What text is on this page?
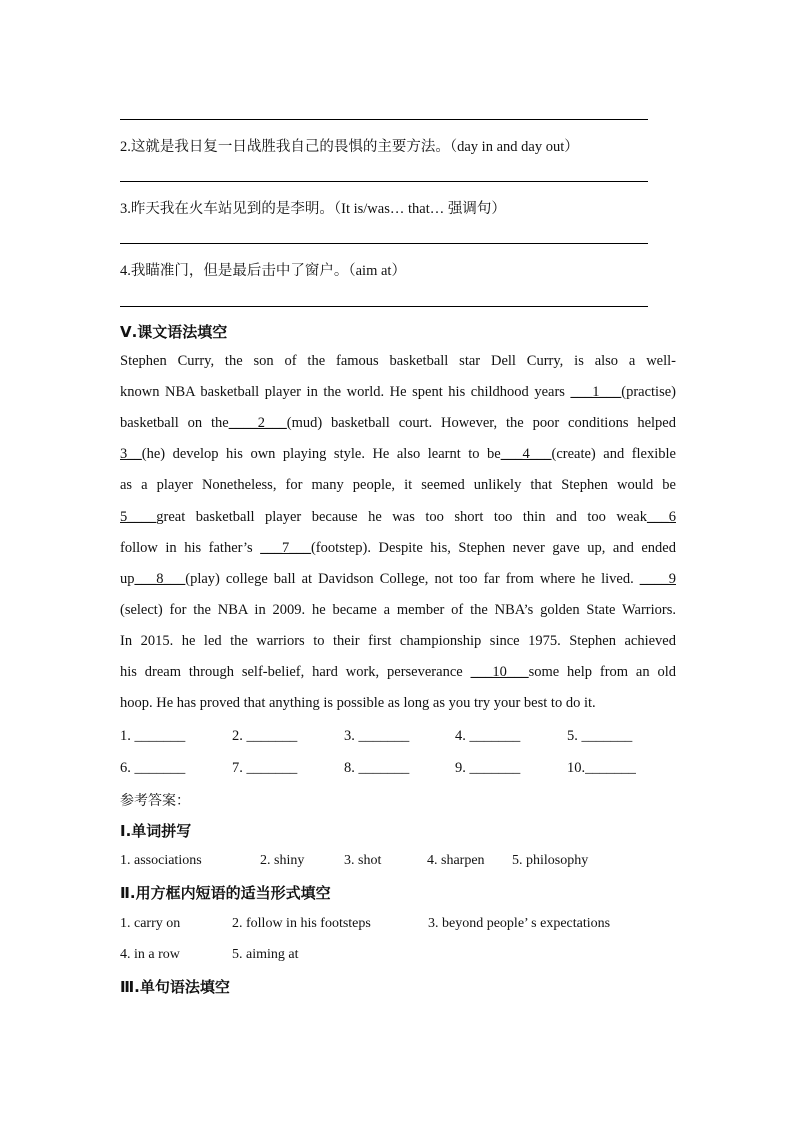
2.这就是我日复一日战胜我自己的畏惧的主要方法。（day in and day out）
3.昨天我在火车站见到的是李明。（It is/was… that… 强调句）
4.我瞄准门，但是最后击中了窗户。（aim at）
Ⅴ.课文语法填空
Stephen Curry, the son of the famous basketball star Dell Curry, is also a well-
known NBA basketball player in the world. He spent his childhood years ___1___(practise)
basketball on the____2___(mud) basketball court. However, the poor conditions helped
3__(he) develop his own playing style. He also learnt to be___4___(create) and flexible
as a player Nonetheless, for many people, it seemed unlikely that Stephen would be
5____great basketball player because he was too short too thin and too weak___6
follow in his father’s ___7___(footstep). Despite his, Stephen never gave up, and ended
up___8___(play) college ball at Davidson College, not too far from where he lived. ____9
(select) for the NBA in 2009. he became a member of the NBA’s golden State Warriors.
In 2015. he led the warriors to their first championship since 1975. Stephen achieved
his dream through self-belief, hard work, perseverance ___10___some help from an old
hoop. He has proved that anything is possible as long as you try your best to do it.
1. _______	2. _______	3. _______	4. _______	5. _______
6. _______	7. _______	8. _______	9. _______	10._______
参考答案：
Ⅰ.单词拼写
1. associations	2. shiny	3. shot	4. sharpen 5. philosophy
Ⅱ.用方框内短语的适当形式填空
1. carry on	2. follow in his footsteps	3. beyond people’ s expectations
4. in a row	5. aiming at
Ⅲ.单句语法填空
